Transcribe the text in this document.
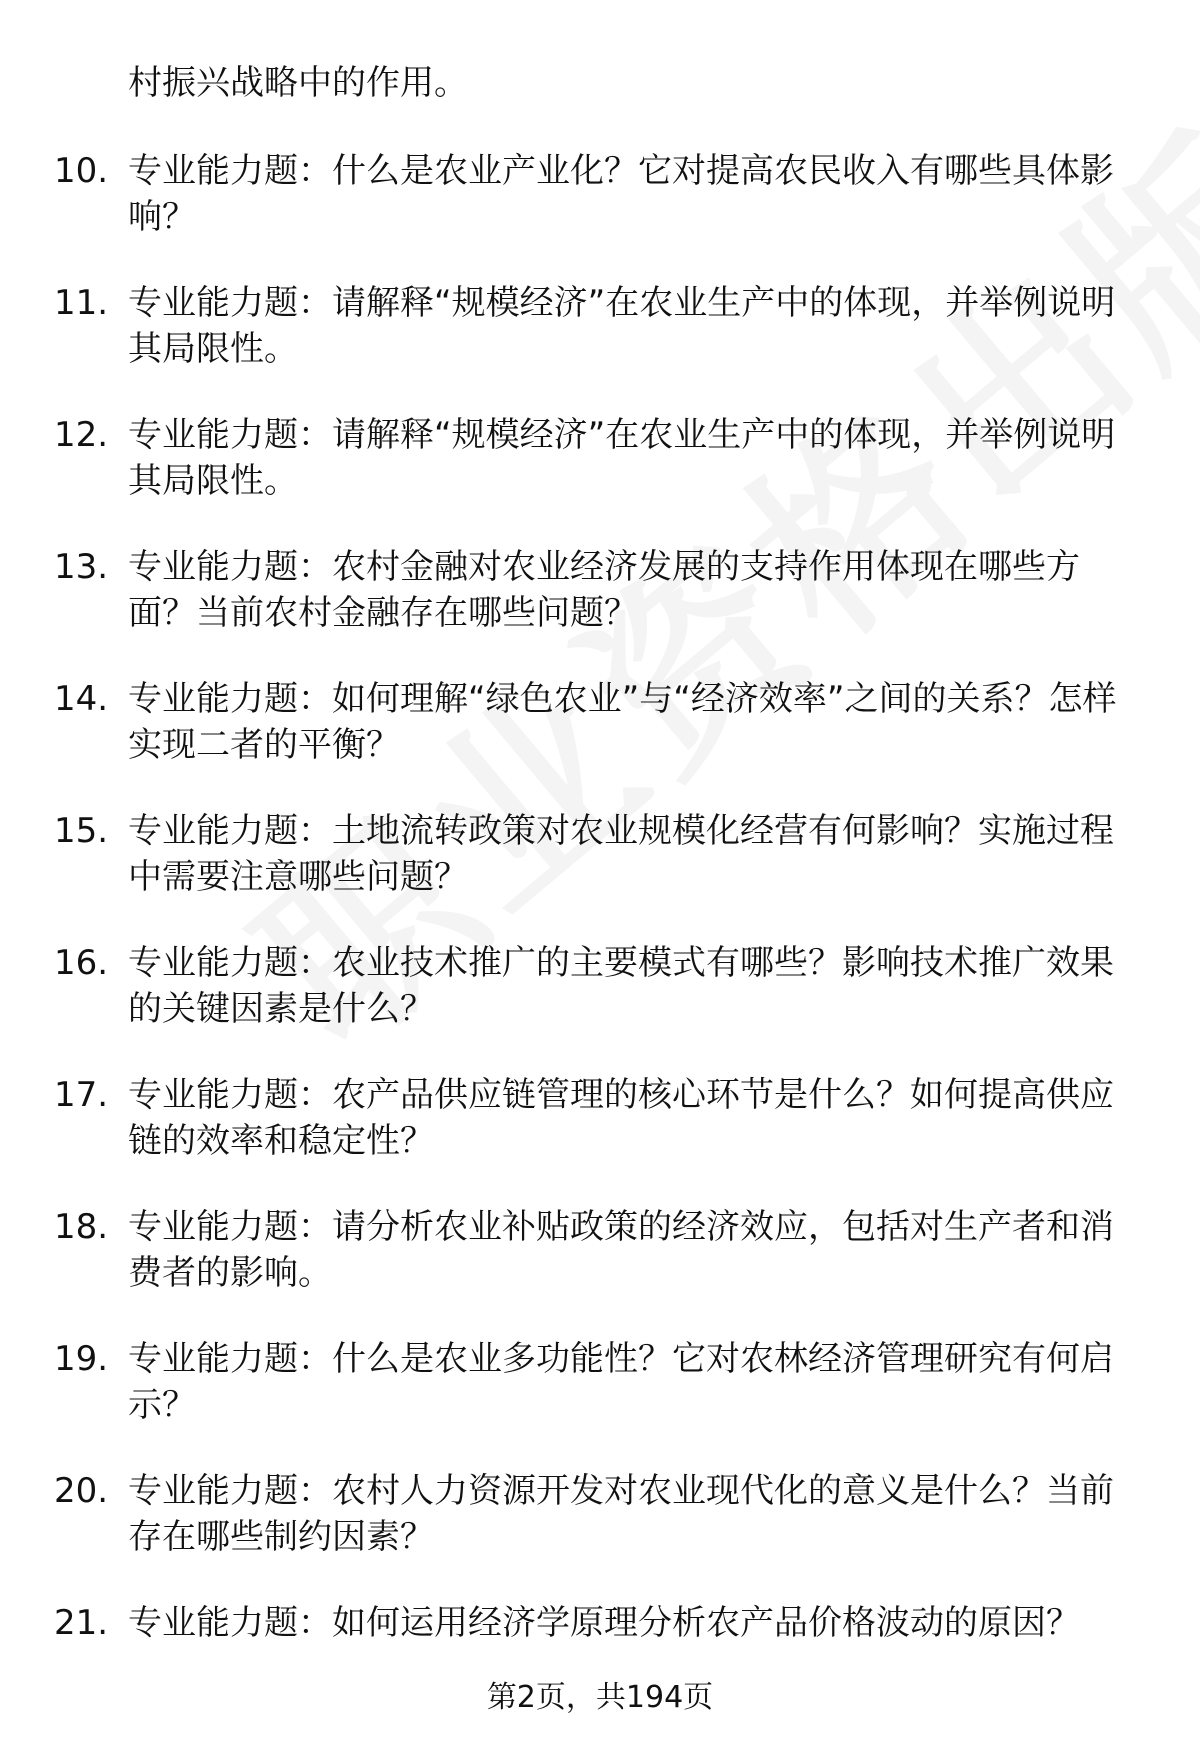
村振兴战略中的作用。
10. 专业能力题：什么是农业产业化？它对提高农民收入有哪些具体影响？
11. 专业能力题：请解释“规模经济”在农业生产中的体现，并举例说明其局限性。
12. 专业能力题：请解释“规模经济”在农业生产中的体现，并举例说明其局限性。
13. 专业能力题：农村金融对农业经济发展的支持作用体现在哪些方面？当前农村金融存在哪些问题？
14. 专业能力题：如何理解“绿色农业”与“经济效率”之间的关系？怎样实现二者的平衡？
15. 专业能力题：土地流转政策对农业规模化经营有何影响？实施过程中需要注意哪些问题？
16. 专业能力题：农业技术推广的主要模式有哪些？影响技术推广效果的关键因素是什么？
17. 专业能力题：农产品供应链管理的核心环节是什么？如何提高供应链的效率和稳定性？
18. 专业能力题：请分析农业补贴政策的经济效应，包括对生产者和消费者的影响。
19. 专业能力题：什么是农业多功能性？它对农林经济管理研究有何启示？
20. 专业能力题：农村人力资源开发对农业现代化的意义是什么？当前存在哪些制约因素？
21. 专业能力题：如何运用经济学原理分析农产品价格波动的原因？
第2页，共194页
